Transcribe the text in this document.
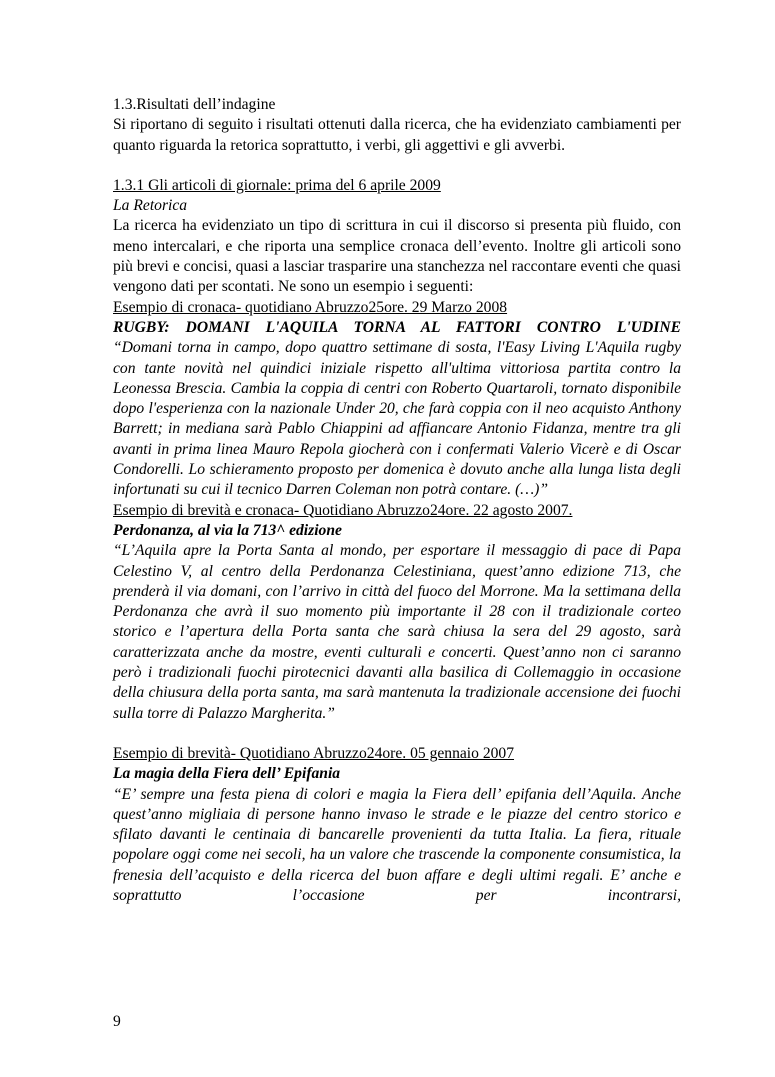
1.3.Risultati dell’indagine

Si riportano di seguito i risultati ottenuti dalla ricerca, che ha evidenziato cambiamenti per quanto riguarda la retorica soprattutto, i verbi, gli aggettivi e gli avverbi.

1.3.1 Gli articoli di giornale: prima del 6 aprile 2009

La Retorica

La ricerca ha evidenziato un tipo di scrittura in cui il discorso si presenta più fluido, con meno intercalari, e che riporta una semplice cronaca dell’evento. Inoltre gli articoli sono più brevi e concisi, quasi a lasciar trasparire una stanchezza nel raccontare eventi che quasi vengono dati per scontati. Ne sono un esempio i seguenti:

Esempio di cronaca- quotidiano Abruzzo25ore. 29 Marzo 2008

RUGBY: DOMANI L'AQUILA TORNA AL FATTORI CONTRO L'UDINE

“Domani torna in campo, dopo quattro settimane di sosta, l'Easy Living L'Aquila rugby con tante novità nel quindici iniziale rispetto all'ultima vittoriosa partita contro la Leonessa Brescia. Cambia la coppia di centri con Roberto Quartaroli, tornato disponibile dopo l'esperienza con la nazionale Under 20, che farà coppia con il neo acquisto Anthony Barrett; in mediana sarà Pablo Chiappini ad affiancare Antonio Fidanza, mentre tra gli avanti in prima linea Mauro Repola giocherà con i confermati Valerio Vicerè e di Oscar Condorelli. Lo schieramento proposto per domenica è dovuto anche alla lunga lista degli infortunati su cui il tecnico Darren Coleman non potrà contare. (…)”

Esempio di brevità e cronaca- Quotidiano Abruzzo24ore. 22 agosto 2007.

Perdonanza, al via la 713^ edizione

“L’Aquila apre la Porta Santa al mondo, per esportare il messaggio di pace di Papa Celestino V, al centro della Perdonanza Celestiniana, quest’anno edizione 713, che prenderà il via domani, con l’arrivo in città del fuoco del Morrone. Ma la settimana della Perdonanza che avrà il suo momento più importante il 28 con il tradizionale corteo storico e l’apertura della Porta santa che sarà chiusa la sera del 29 agosto, sarà caratterizzata anche da mostre, eventi culturali e concerti. Quest’anno non ci saranno però i tradizionali fuochi pirotecnici davanti alla basilica di Collemaggio in occasione della chiusura della porta santa, ma sarà mantenuta la tradizionale accensione dei fuochi sulla torre di Palazzo Margherita.”

Esempio di brevità- Quotidiano Abruzzo24ore. 05 gennaio 2007

La magia della Fiera dell’ Epifania

“E’ sempre una festa piena di colori e magia la Fiera dell’ epifania dell’Aquila. Anche quest’anno migliaia di persone hanno invaso le strade e le piazze del centro storico e sfilato davanti le centinaia di bancarelle provenienti da tutta Italia. La fiera, rituale popolare oggi come nei secoli, ha un valore che trascende la componente consumistica, la frenesia dell’acquisto e della ricerca del buon affare e degli ultimi regali. E’ anche e soprattutto l’occasione per incontrarsi,

9
